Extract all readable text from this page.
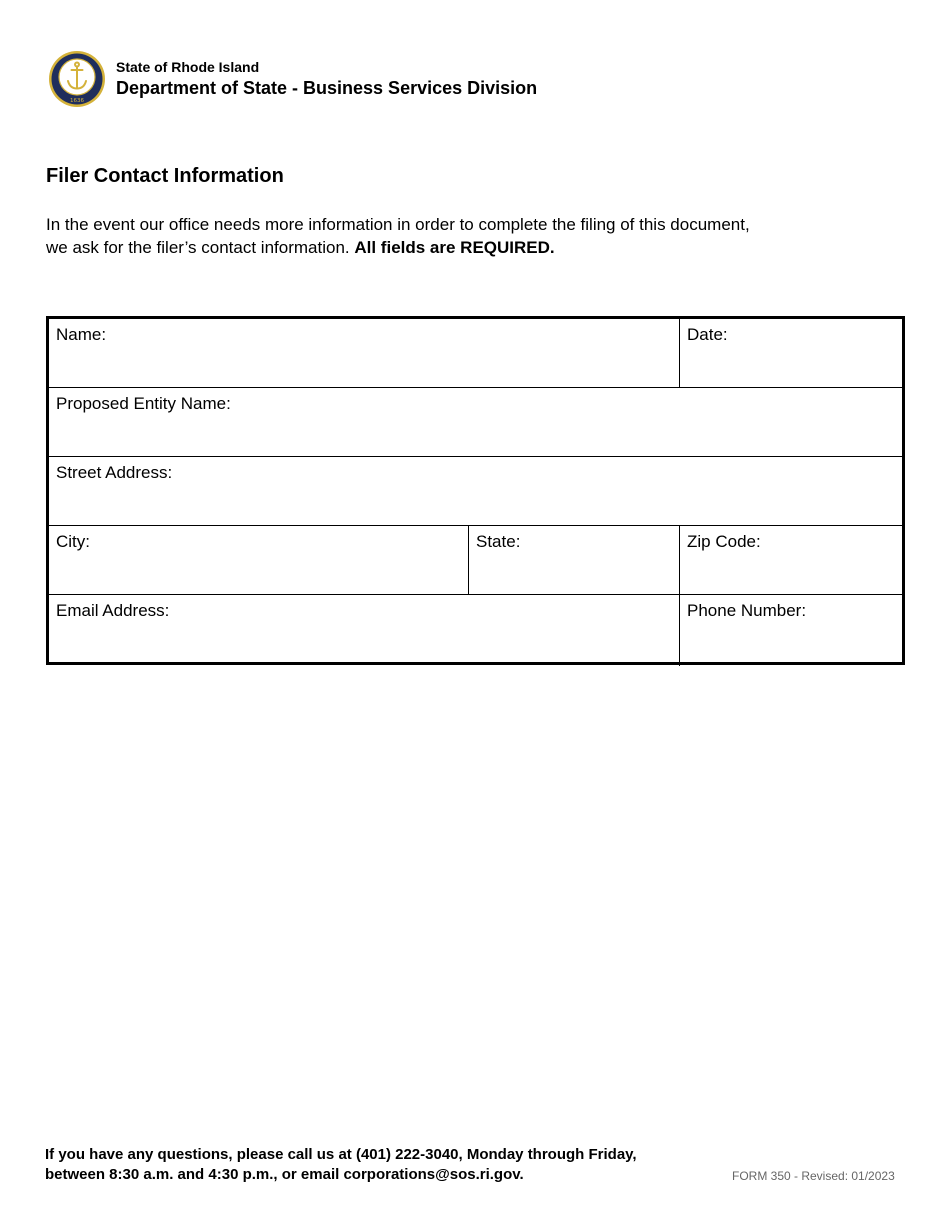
1636
State of Rhode Island
Department of State - Business Services Division
Filer Contact Information

In the event our office needs more information in order to complete the filing of this document, we ask for the filer’s contact information. All fields are REQUIRED.

Name:	Date:
Proposed Entity Name:
Street Address:
City:	State:	Zip Code:
Email Address:	Phone Number:

If you have any questions, please call us at (401) 222-3040, Monday through Friday,
between 8:30 a.m. and 4:30 p.m., or email corporations@sos.ri.gov.	FORM 350 - Revised: 01/2023
